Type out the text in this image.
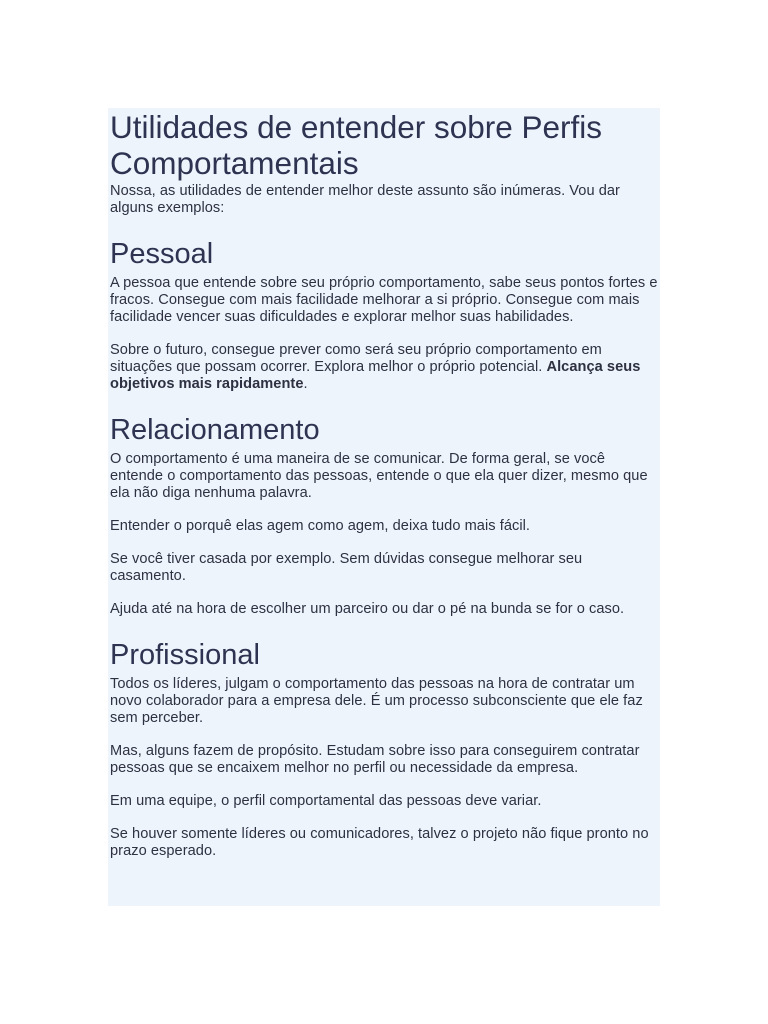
Utilidades de entender sobre Perfis Comportamentais

Nossa, as utilidades de entender melhor deste assunto são inúmeras. Vou dar alguns exemplos:

Pessoal

A pessoa que entende sobre seu próprio comportamento, sabe seus pontos fortes e fracos. Consegue com mais facilidade melhorar a si próprio. Consegue com mais facilidade vencer suas dificuldades e explorar melhor suas habilidades.

Sobre o futuro, consegue prever como será seu próprio comportamento em situações que possam ocorrer. Explora melhor o próprio potencial. Alcança seus objetivos mais rapidamente.

Relacionamento

O comportamento é uma maneira de se comunicar. De forma geral, se você entende o comportamento das pessoas, entende o que ela quer dizer, mesmo que ela não diga nenhuma palavra.

Entender o porquê elas agem como agem, deixa tudo mais fácil.

Se você tiver casada por exemplo. Sem dúvidas consegue melhorar seu casamento.

Ajuda até na hora de escolher um parceiro ou dar o pé na bunda se for o caso.

Profissional

Todos os líderes, julgam o comportamento das pessoas na hora de contratar um novo colaborador para a empresa dele. É um processo subconsciente que ele faz sem perceber.

Mas, alguns fazem de propósito. Estudam sobre isso para conseguirem contratar pessoas que se encaixem melhor no perfil ou necessidade da empresa.

Em uma equipe, o perfil comportamental das pessoas deve variar.

Se houver somente líderes ou comunicadores, talvez o projeto não fique pronto no prazo esperado.
